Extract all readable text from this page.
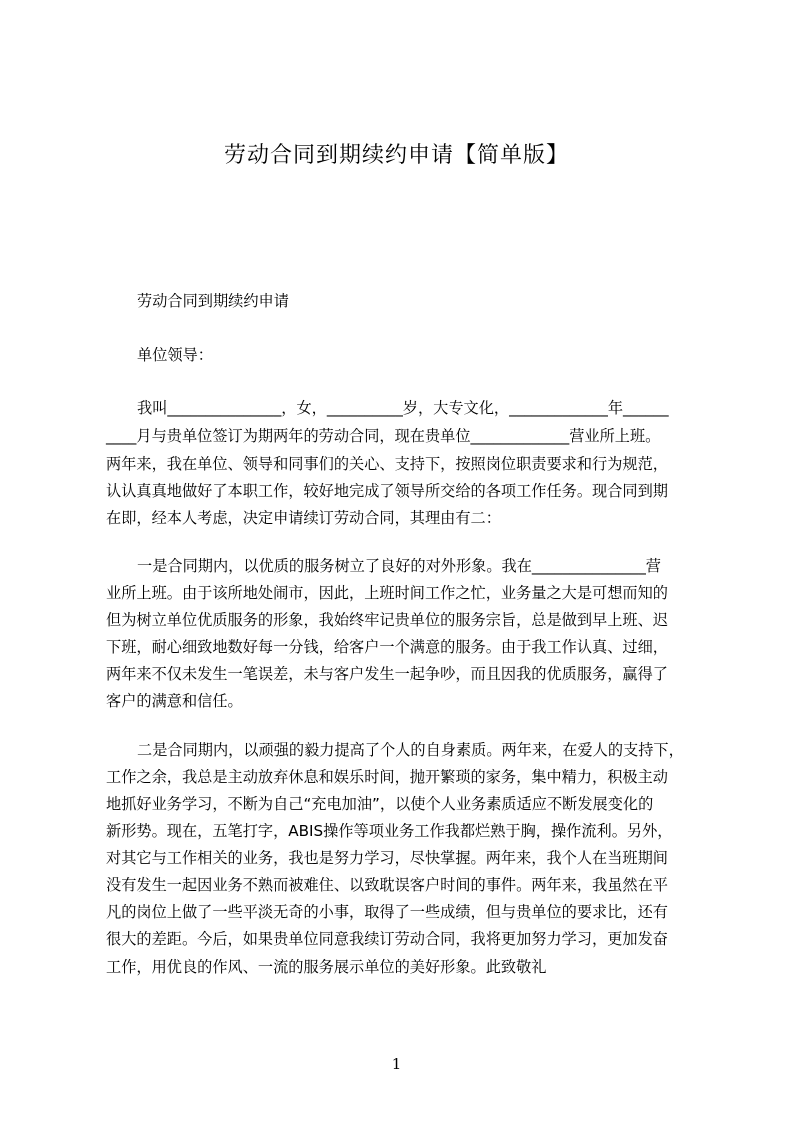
劳动合同到期续约申请【简单版】
劳动合同到期续约申请
单位领导：
我叫_______________，女，__________岁，大专文化，_____________年______
____月与贵单位签订为期两年的劳动合同，现在贵单位_____________营业所上班。
两年来，我在单位、领导和同事们的关心、支持下，按照岗位职责要求和行为规范，
认认真真地做好了本职工作，较好地完成了领导所交给的各项工作任务。现合同到期
在即，经本人考虑，决定申请续订劳动合同，其理由有二：
一是合同期内，以优质的服务树立了良好的对外形象。我在_______________营
业所上班。由于该所地处闹市，因此，上班时间工作之忙，业务量之大是可想而知的
但为树立单位优质服务的形象，我始终牢记贵单位的服务宗旨，总是做到早上班、迟
下班，耐心细致地数好每一分钱，给客户一个满意的服务。由于我工作认真、过细，
两年来不仅未发生一笔误差，未与客户发生一起争吵，而且因我的优质服务，赢得了
客户的满意和信任。
二是合同期内，以顽强的毅力提高了个人的自身素质。两年来，在爱人的支持下，
工作之余，我总是主动放弃休息和娱乐时间，抛开繁琐的家务，集中精力，积极主动
地抓好业务学习，不断为自己“充电加油”，以使个人业务素质适应不断发展变化的
新形势。现在，五笔打字，ABIS操作等项业务工作我都烂熟于胸，操作流利。另外，
对其它与工作相关的业务，我也是努力学习，尽快掌握。两年来，我个人在当班期间
没有发生一起因业务不熟而被难住、以致耽误客户时间的事件。两年来，我虽然在平
凡的岗位上做了一些平淡无奇的小事，取得了一些成绩，但与贵单位的要求比，还有
很大的差距。今后，如果贵单位同意我续订劳动合同，我将更加努力学习，更加发奋
工作，用优良的作风、一流的服务展示单位的美好形象。此致敬礼
1
